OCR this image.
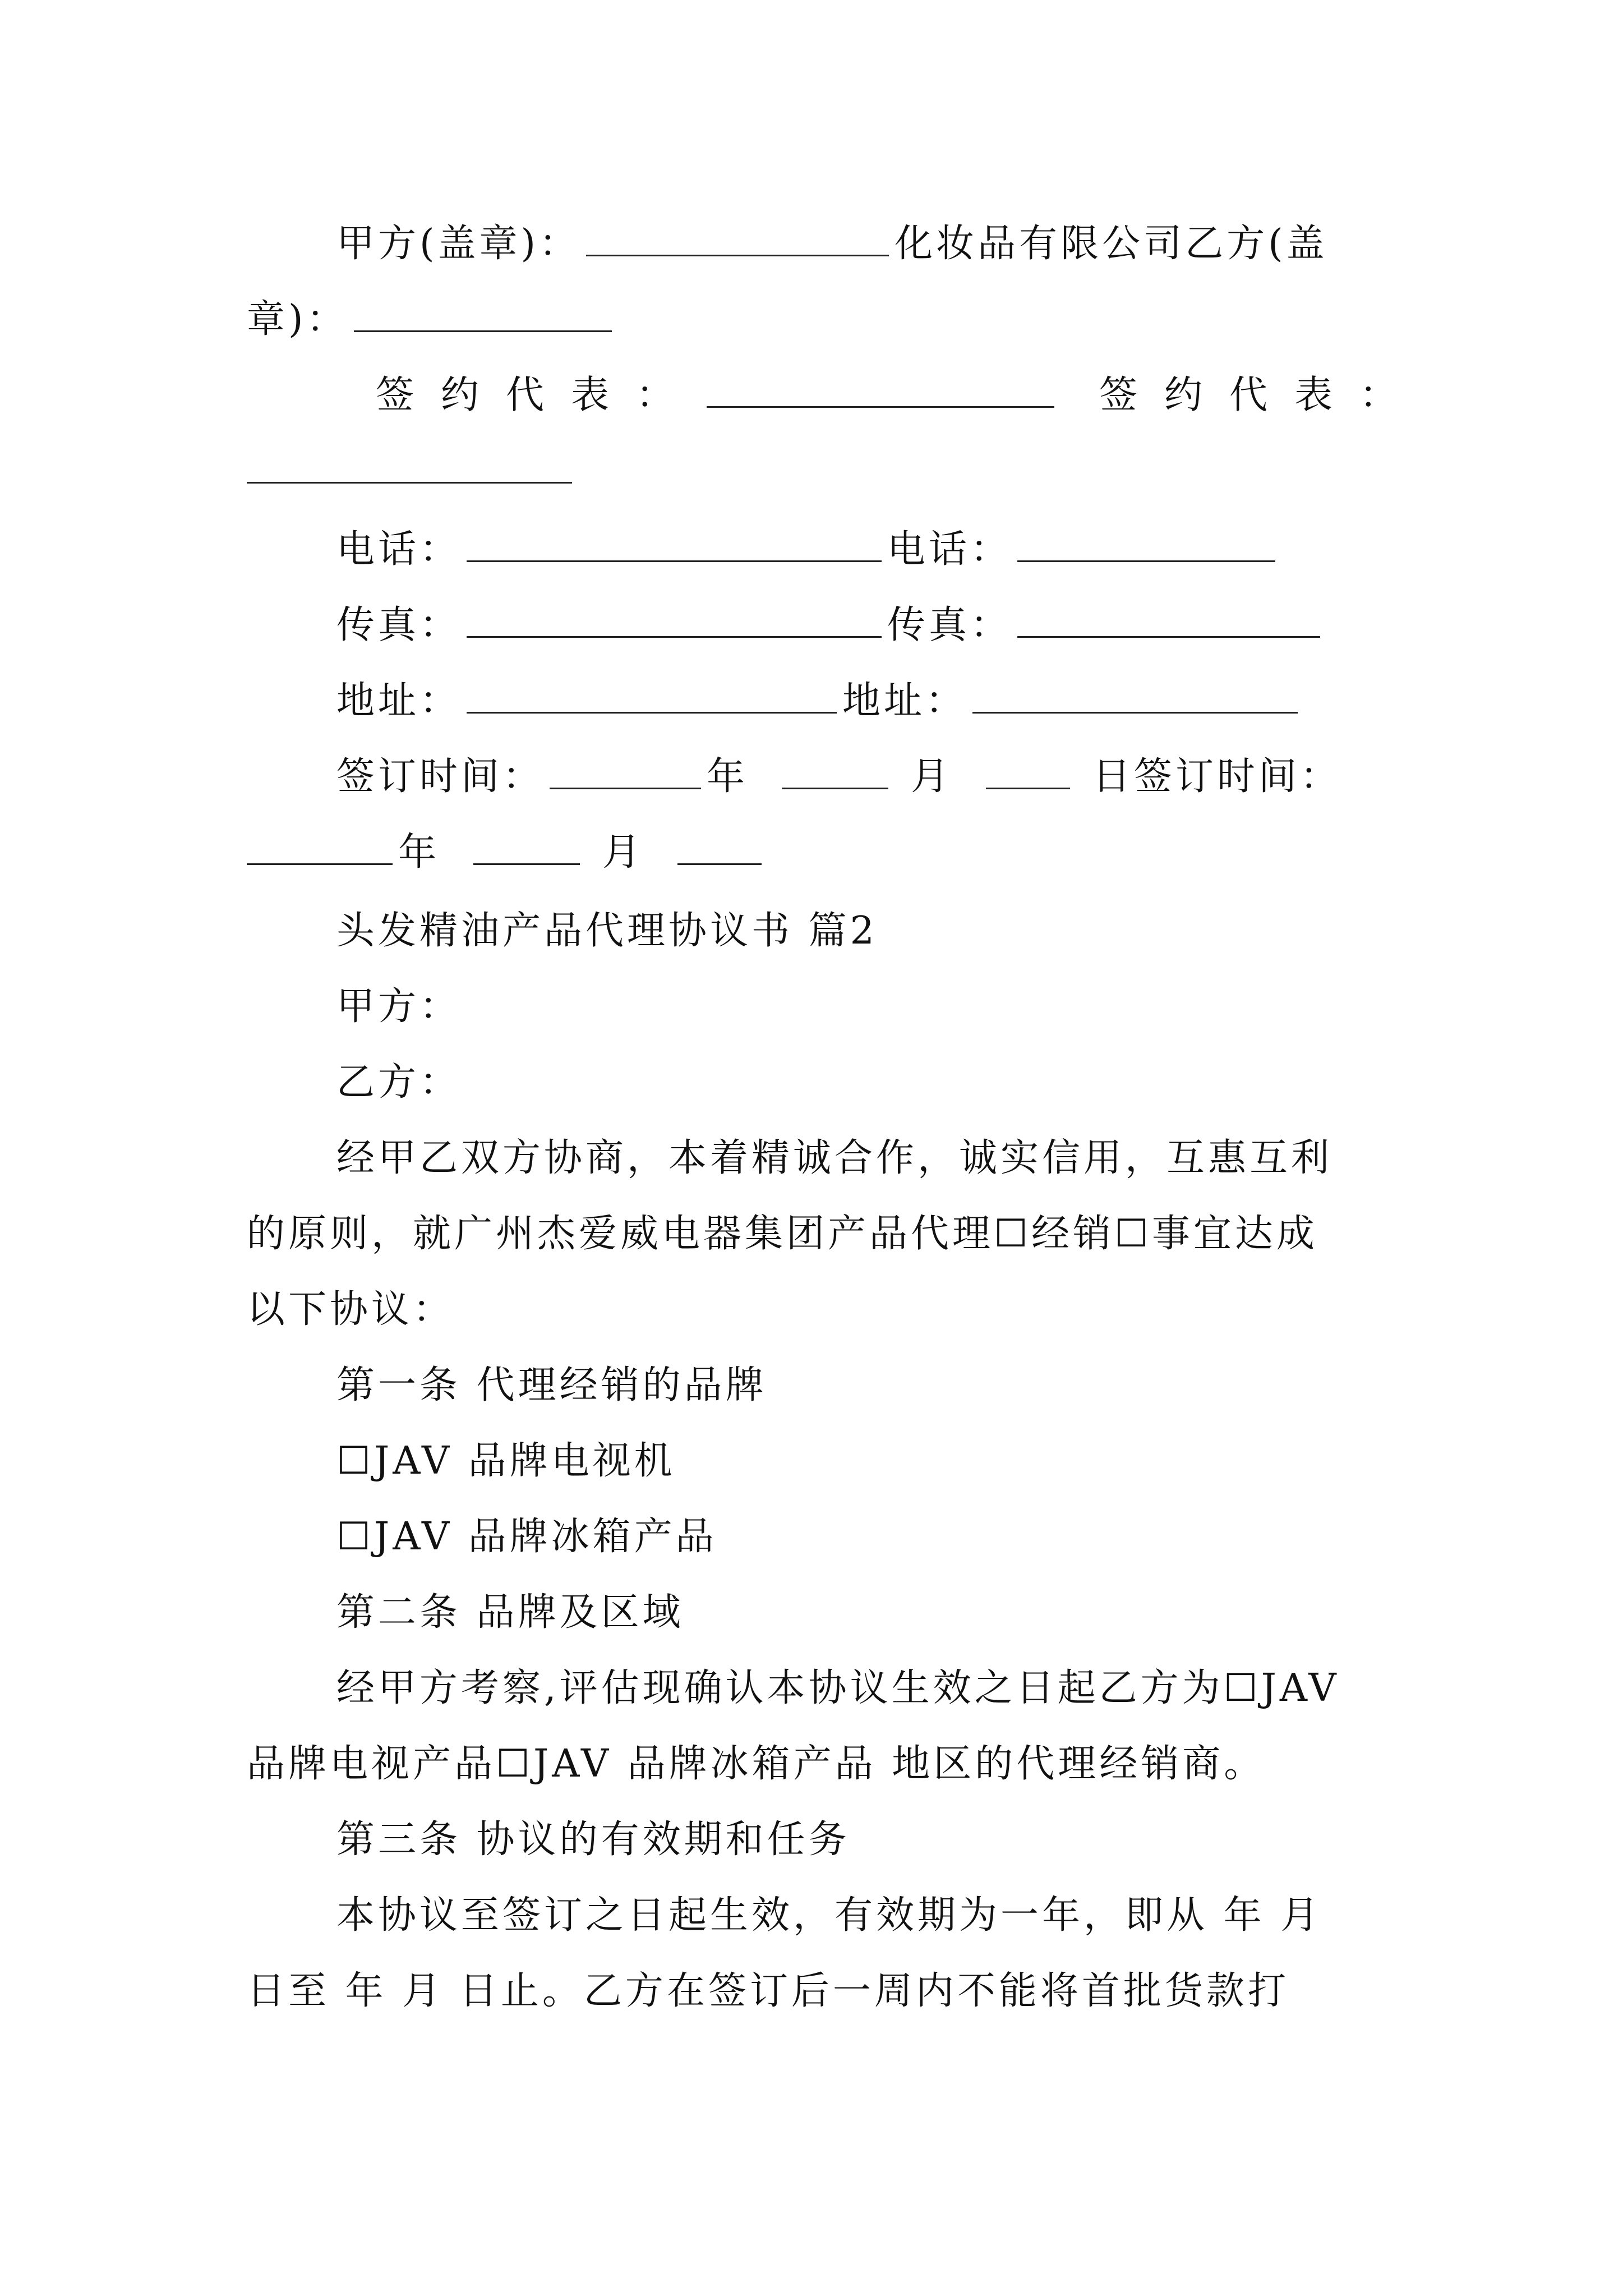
甲方(盖章)：	化妆品有限公司乙方(盖
章)：
签约代表：	签约代表：
电话：	电话：
传真：	传真：
地址：	地址：
签订时间：	年	月	日签订时间：
年	月
头发精油产品代理协议书 篇2
甲方：
乙方：
经甲乙双方协商，本着精诚合作，诚实信用，互惠互利
的原则，就广州杰爱威电器集团产品代理☐经销☐事宜达成
以下协议：
第一条 代理经销的品牌
☐JAV 品牌电视机
☐JAV 品牌冰箱产品
第二条 品牌及区域
经甲方考察,评估现确认本协议生效之日起乙方为☐JAV
品牌电视产品☐JAV 品牌冰箱产品 地区的代理经销商。
第三条 协议的有效期和任务
本协议至签订之日起生效，有效期为一年，即从 年 月
日至 年 月 日止。乙方在签订后一周内不能将首批货款打
